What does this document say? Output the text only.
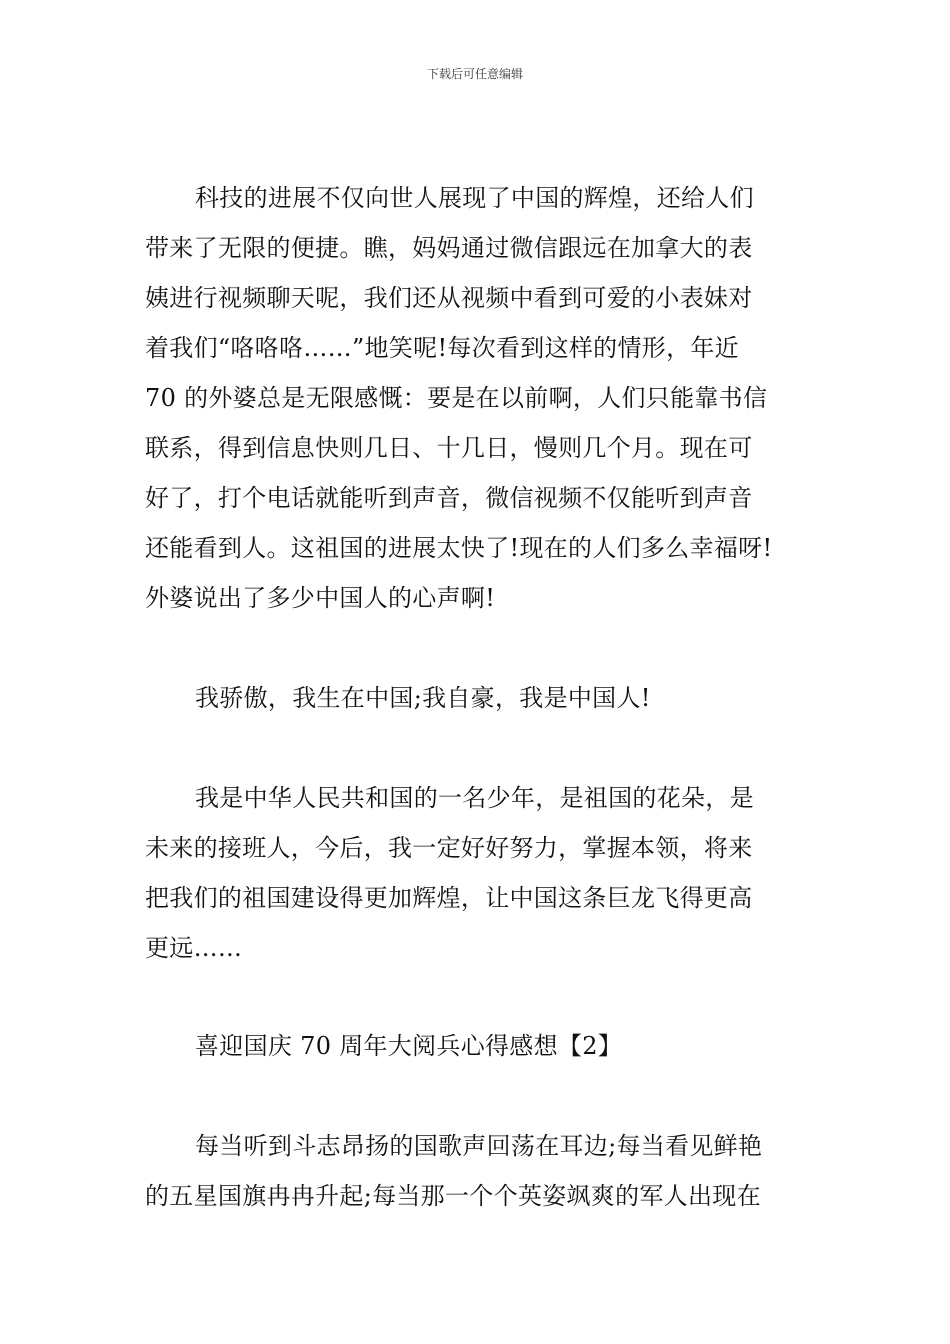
下载后可任意编辑
科技的进展不仅向世人展现了中国的辉煌，还给人们
带来了无限的便捷。瞧，妈妈通过微信跟远在加拿大的表
姨进行视频聊天呢，我们还从视频中看到可爱的小表妹对
着我们“咯咯咯……”地笑呢!每次看到这样的情形，年近
70 的外婆总是无限感慨：要是在以前啊，人们只能靠书信
联系，得到信息快则几日、十几日，慢则几个月。现在可
好了，打个电话就能听到声音，微信视频不仅能听到声音
还能看到人。这祖国的进展太快了!现在的人们多么幸福呀!
外婆说出了多少中国人的心声啊!
我骄傲，我生在中国;我自豪，我是中国人!
我是中华人民共和国的一名少年，是祖国的花朵，是
未来的接班人，今后，我一定好好努力，掌握本领，将来
把我们的祖国建设得更加辉煌，让中国这条巨龙飞得更高
更远……
喜迎国庆 70 周年大阅兵心得感想【2】
每当听到斗志昂扬的国歌声回荡在耳边;每当看见鲜艳
的五星国旗冉冉升起;每当那一个个英姿飒爽的军人出现在
